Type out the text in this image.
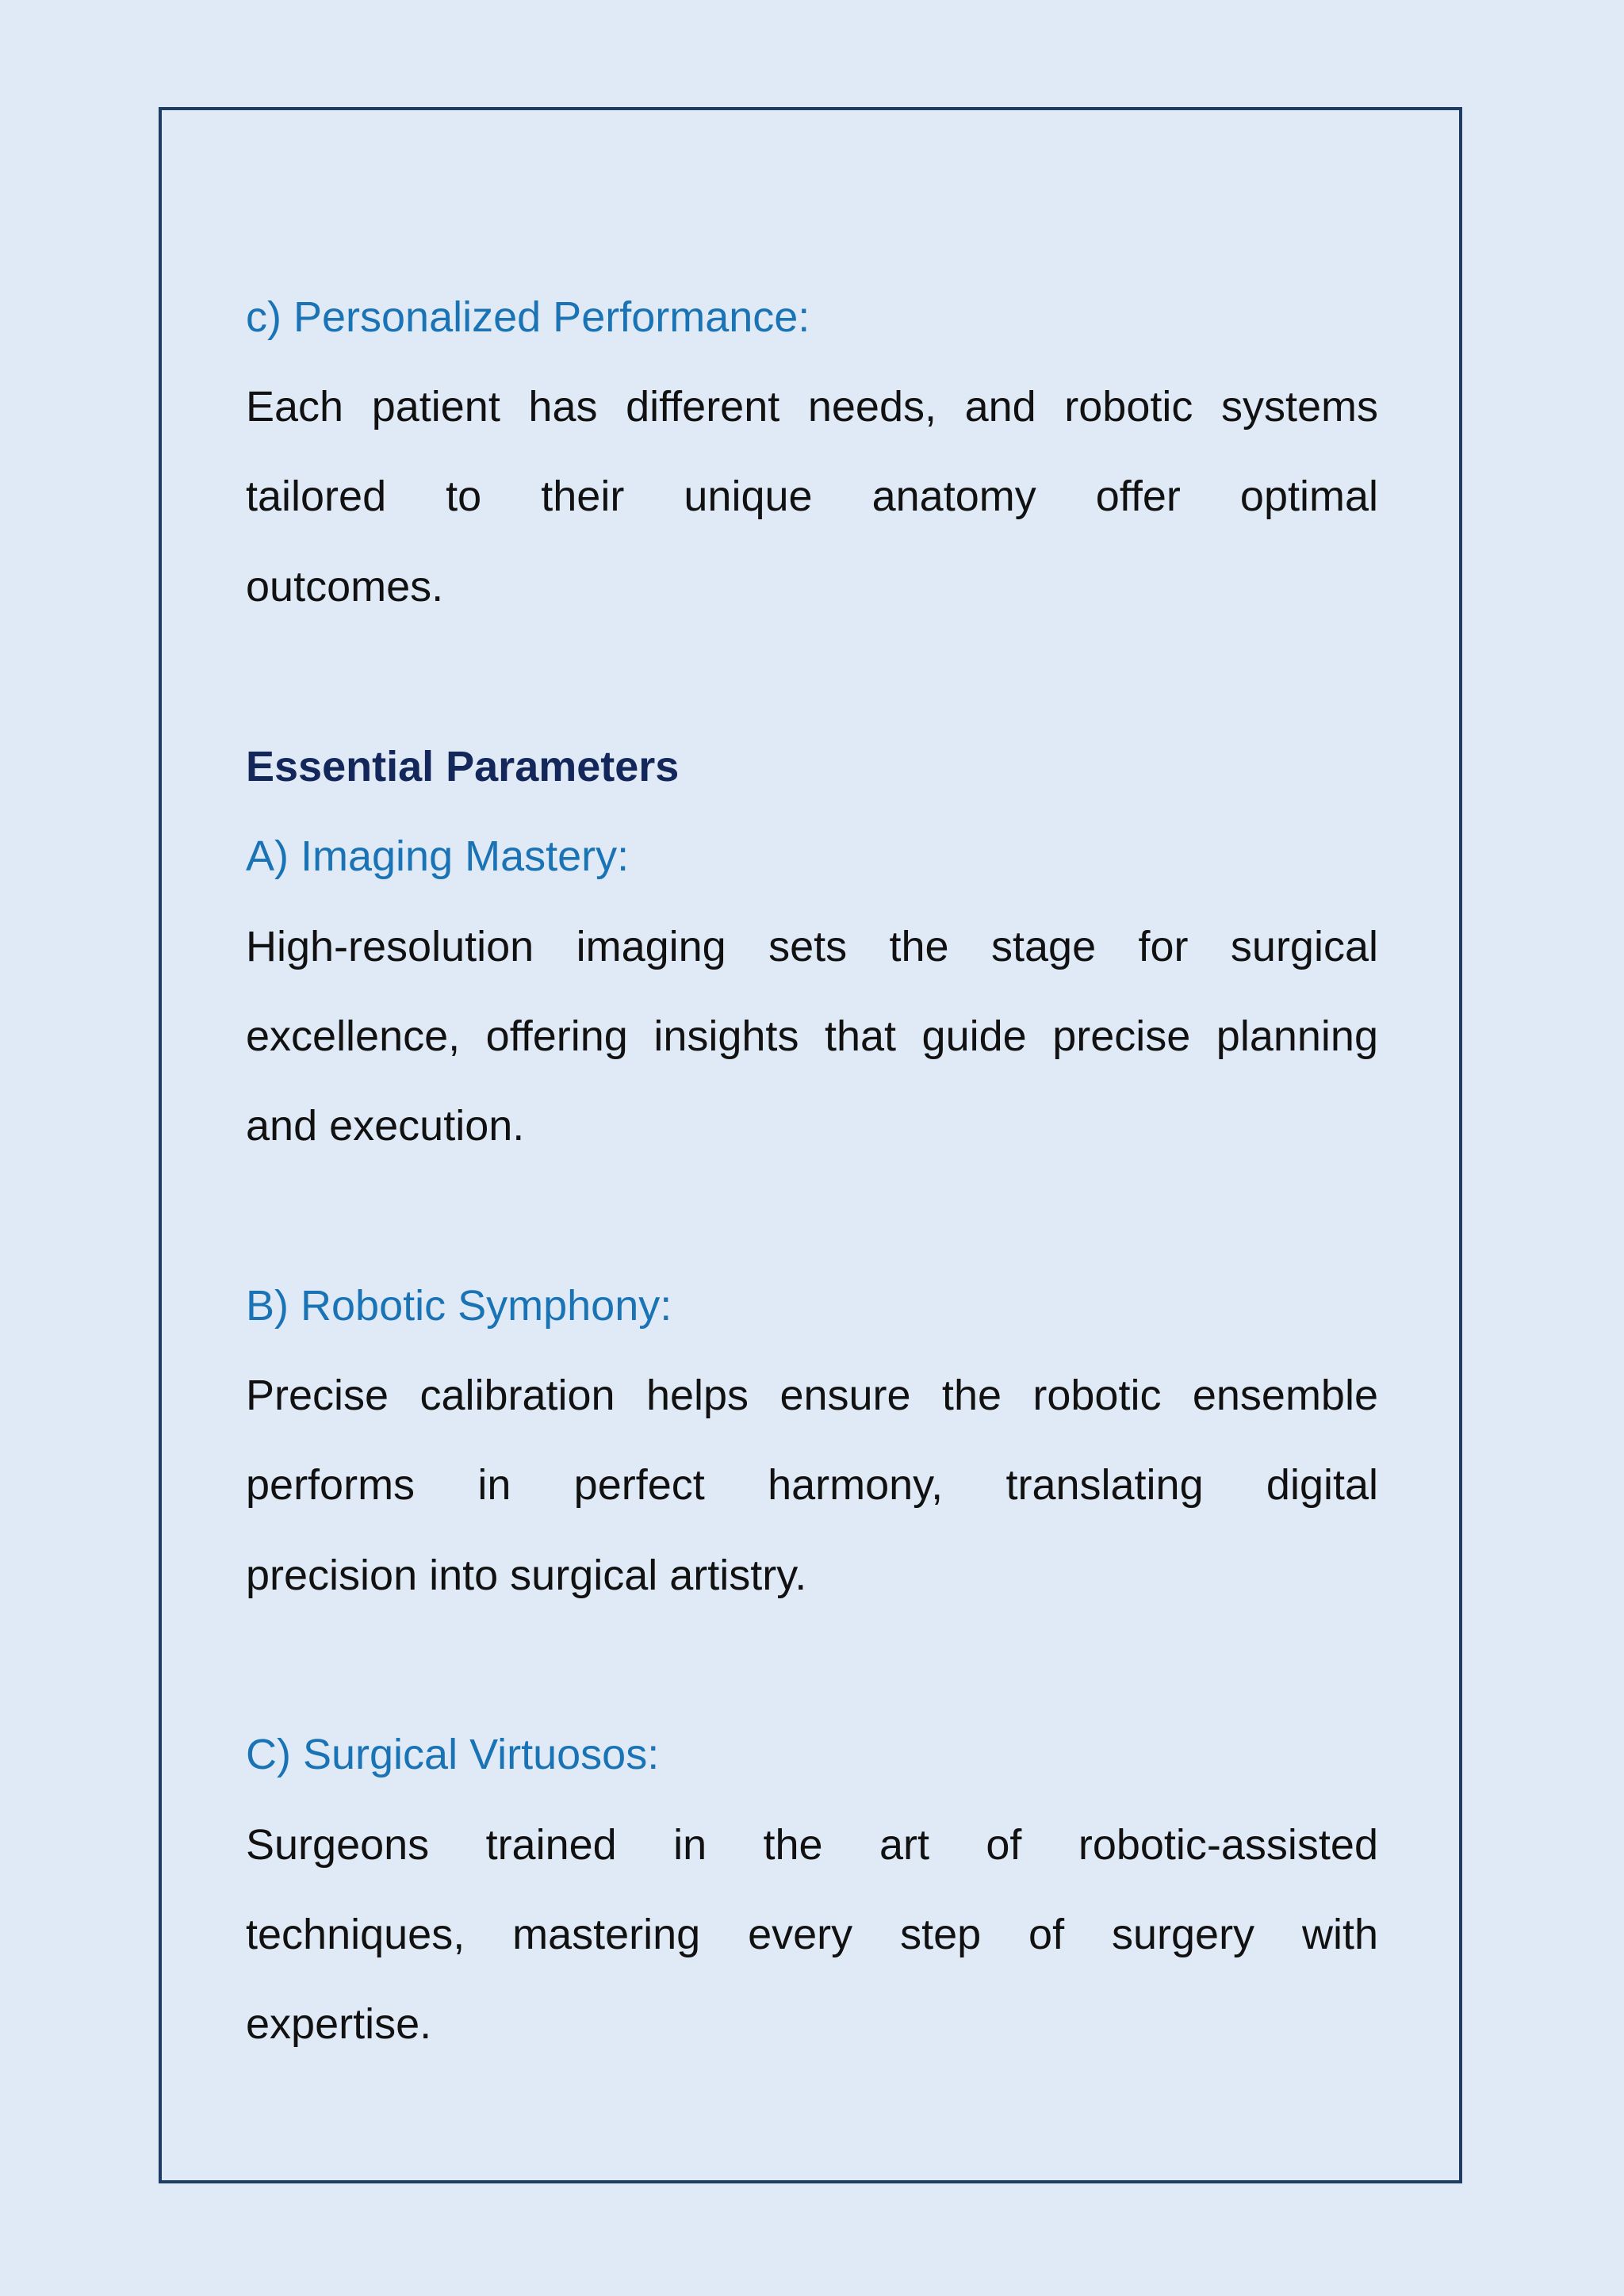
c) Personalized Performance:
Each patient has different needs, and robotic systems
tailored to their unique anatomy offer optimal
outcomes.
Essential Parameters
A) Imaging Mastery:
High-resolution imaging sets the stage for surgical
excellence, offering insights that guide precise planning
and execution.
B) Robotic Symphony:
Precise calibration helps ensure the robotic ensemble
performs in perfect harmony, translating digital
precision into surgical artistry.
C) Surgical Virtuosos:
Surgeons trained in the art of robotic-assisted
techniques, mastering every step of surgery with
expertise.
